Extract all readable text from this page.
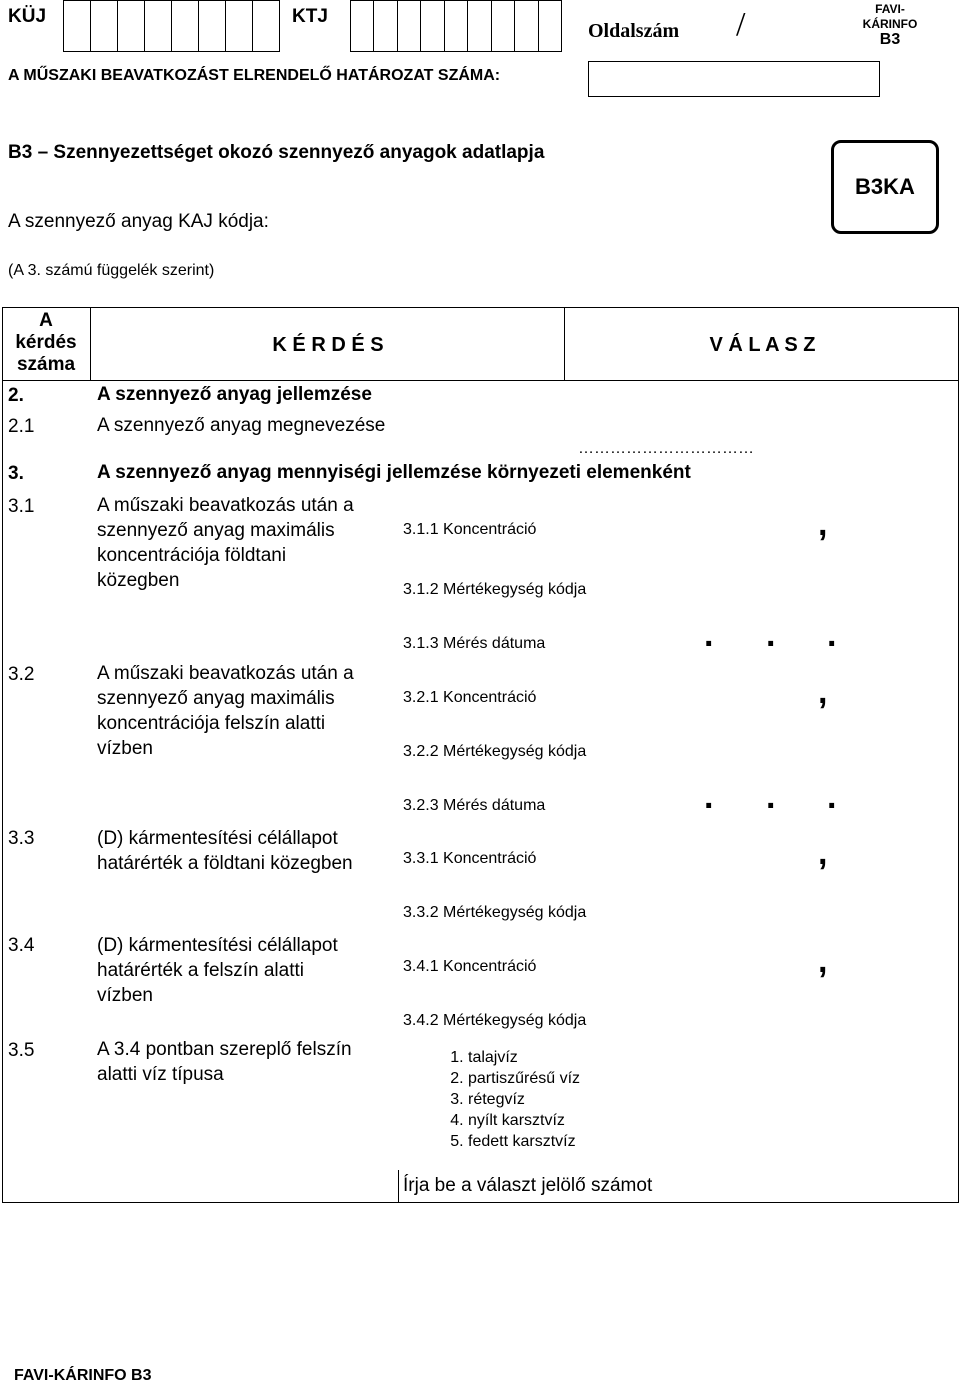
KÜJ	KTJ
Oldalszám /	FAVI-
KÁRINFO
B3
A MŰSZAKI BEAVATKOZÁST ELRENDELŐ HATÁROZAT SZÁMA:
B3 – Szennyezettséget okozó szennyező anyagok adatlapja
B3KA
A szennyező anyag KAJ kódja:
(A 3. számú függelék szerint)
A
kérdés
száma
K É R D É S	V Á L A S Z
2.	A szennyező anyag jellemzése
2.1	A szennyező anyag megnevezése
……………………………
3.	A szennyező anyag mennyiségi jellemzése környezeti elemenként
3.1	A műszaki beavatkozás után a
szennyező anyag maximális
koncentrációja földtani
közegben
3.1.1 Koncentráció	,
3.1.2 Mértékegység kódja
3.1.3 Mérés dátuma	. . .
3.2	A műszaki beavatkozás után a
szennyező anyag maximális
koncentrációja felszín alatti
vízben
3.2.1 Koncentráció	,
3.2.2 Mértékegység kódja
3.2.3 Mérés dátuma	. . .
3.3	(D) kármentesítési célállapot
határérték a földtani közegben	3.3.1 Koncentráció	,
3.3.2 Mértékegység kódja
3.4	(D) kármentesítési célállapot
határérték a felszín alatti
vízben
3.4.1 Koncentráció	,
3.4.2 Mértékegység kódja
3.5	A 3.4 pontban szereplő felszín
alatti víz típusa
1. talajvíz
2. partiszűrésű víz
3. rétegvíz
4. nyílt karsztvíz
5. fedett karsztvíz
Írja be a választ jelölő számot
FAVI-KÁRINFO B3
